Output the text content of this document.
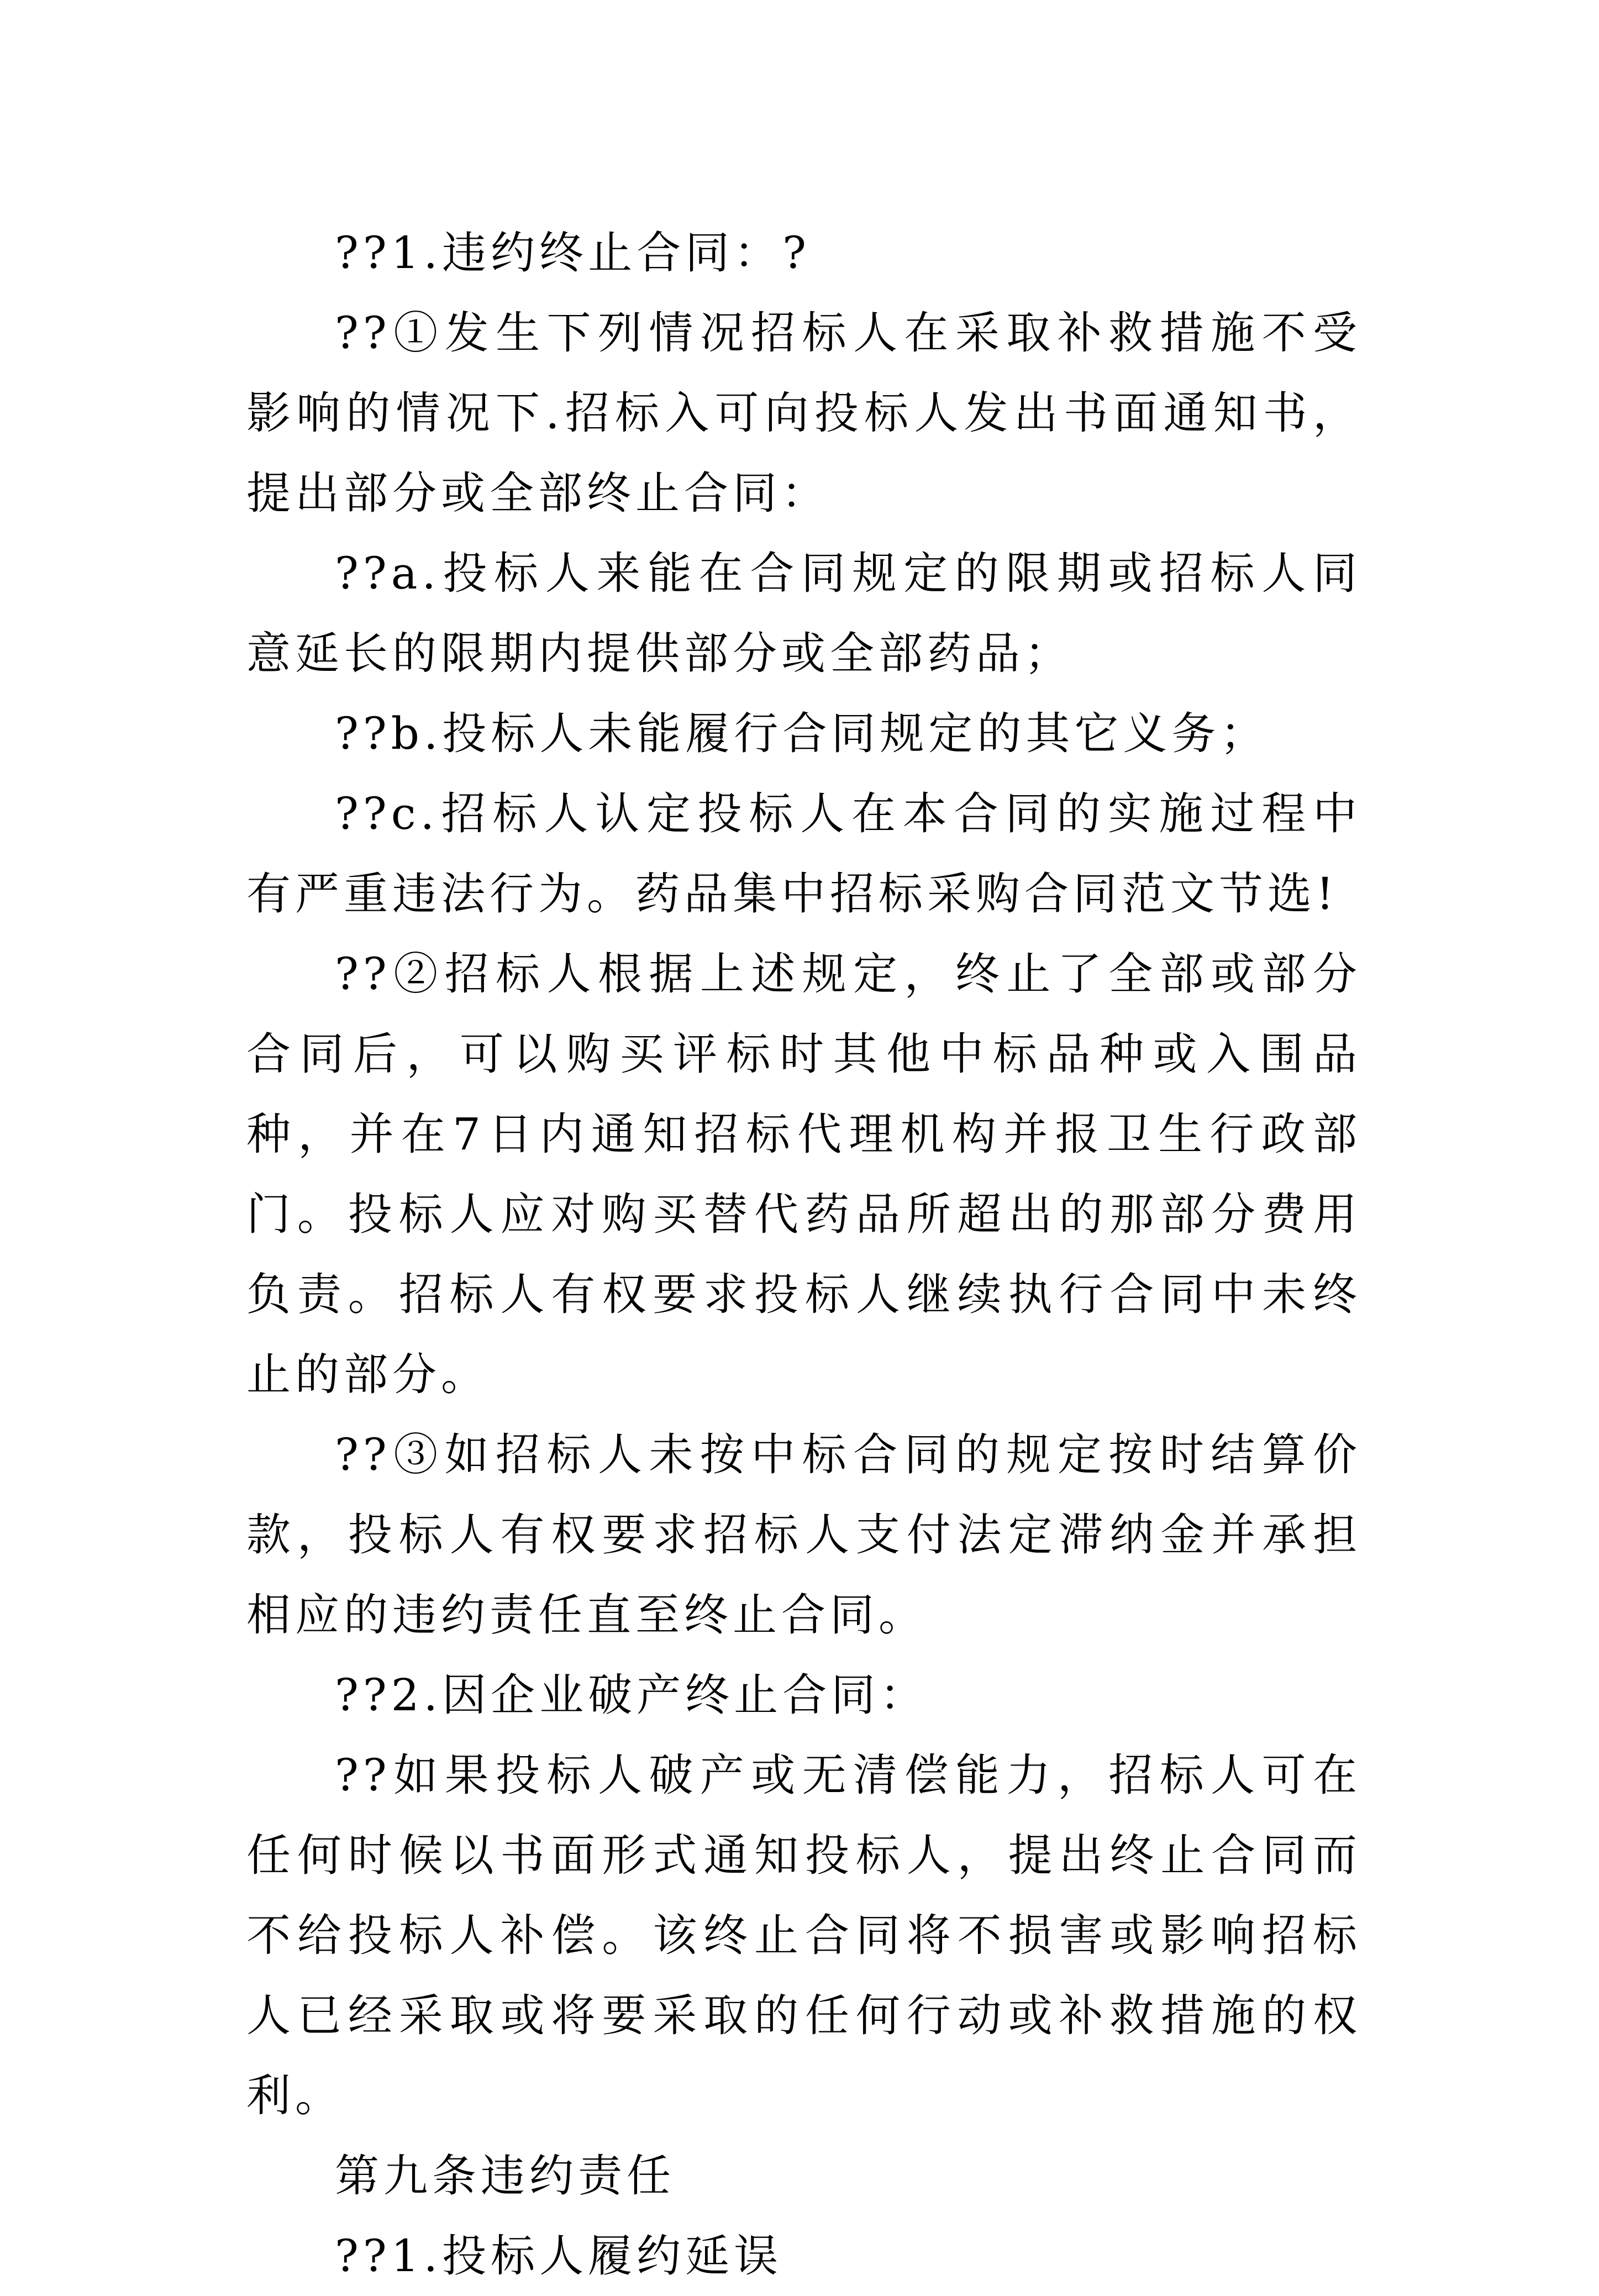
??1.违约终止合同：?

??①发生下列情况招标人在采取补救措施不受影响的情况下.招标入可向投标人发出书面通知书，提出部分或全部终止合同：

??a.投标人来能在合同规定的限期或招标人同意延长的限期内提供部分或全部药品；

??b.投标人未能履行合同规定的其它义务；

??c.招标人认定投标人在本合同的实施过程中有严重违法行为。药品集中招标采购合同范文节选!

??②招标人根据上述规定，终止了全部或部分合同后，可以购买评标时其他中标品种或入围品种，并在7日内通知招标代理机构并报卫生行政部门。投标人应对购买替代药品所超出的那部分费用负责。招标人有权要求投标人继续执行合同中未终止的部分。

??③如招标人未按中标合同的规定按时结算价款，投标人有权要求招标人支付法定滞纳金并承担相应的违约责任直至终止合同。

??2.因企业破产终止合同：

??如果投标人破产或无清偿能力，招标人可在任何时候以书面形式通知投标人，提出终止合同而不给投标人补偿。该终止合同将不损害或影响招标人已经采取或将要采取的任何行动或补救措施的权利。

第九条违约责任

??1.投标人履约延误
